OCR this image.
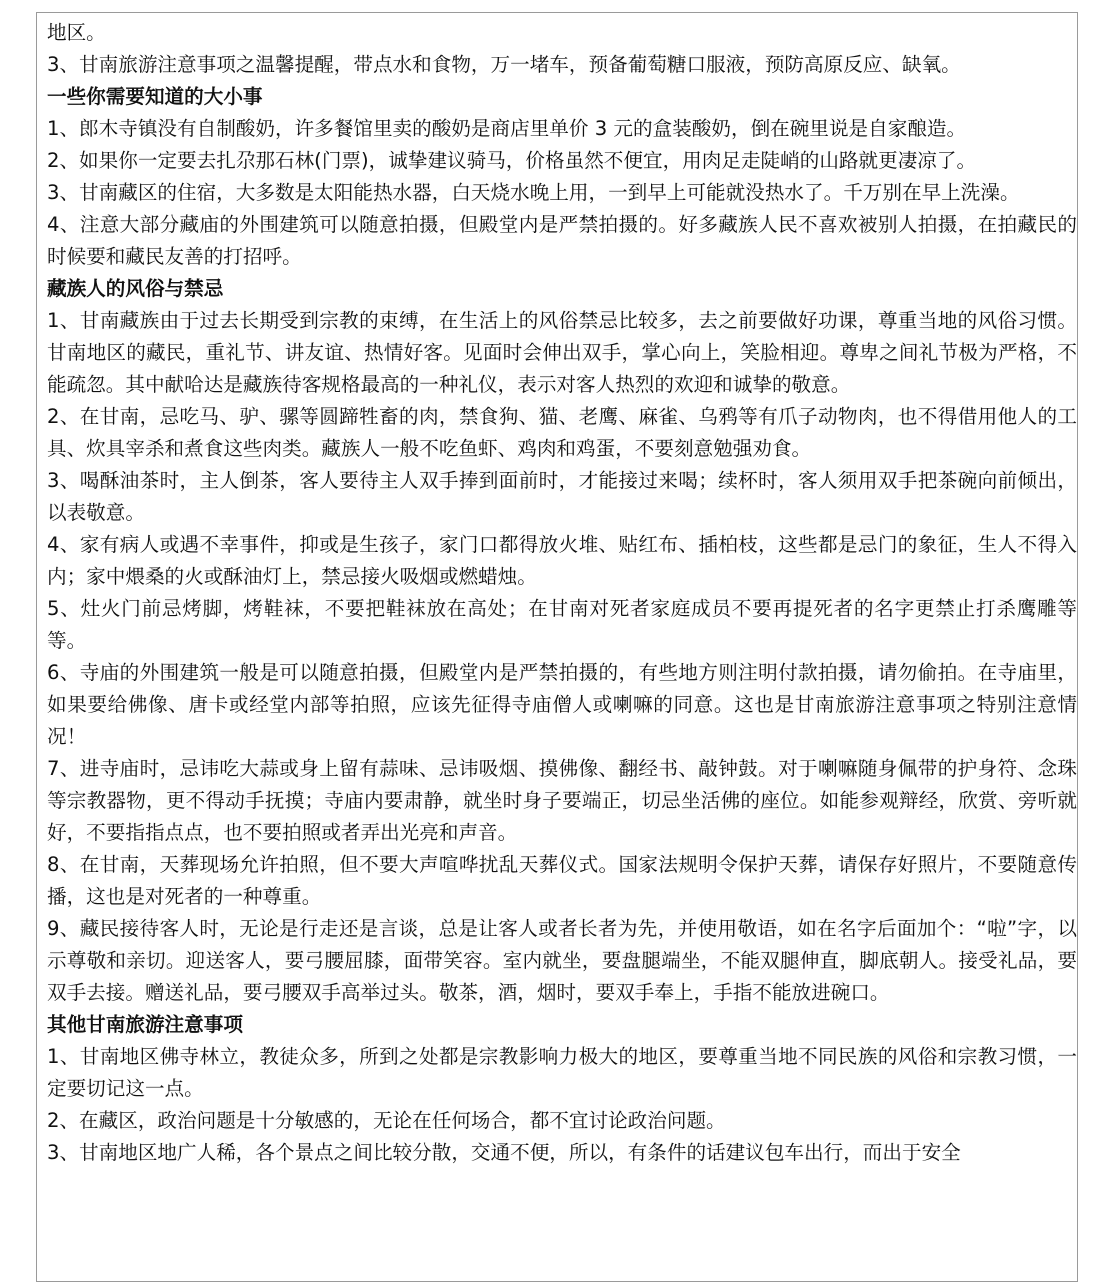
地区。

3、甘南旅游注意事项之温馨提醒，带点水和食物，万一堵车，预备葡萄糖口服液，预防高原反应、缺氧。

一些你需要知道的大小事

1、郎木寺镇没有自制酸奶，许多餐馆里卖的酸奶是商店里单价 3 元的盒装酸奶，倒在碗里说是自家酿造。

2、如果你一定要去扎尕那石林(门票)，诚挚建议骑马，价格虽然不便宜，用肉足走陡峭的山路就更凄凉了。

3、甘南藏区的住宿，大多数是太阳能热水器，白天烧水晚上用，一到早上可能就没热水了。千万别在早上洗澡。

4、注意大部分藏庙的外围建筑可以随意拍摄，但殿堂内是严禁拍摄的。好多藏族人民不喜欢被别人拍摄，在拍藏民的时候要和藏民友善的打招呼。

藏族人的风俗与禁忌

1、甘南藏族由于过去长期受到宗教的束缚，在生活上的风俗禁忌比较多，去之前要做好功课，尊重当地的风俗习惯。甘南地区的藏民，重礼节、讲友谊、热情好客。见面时会伸出双手，掌心向上，笑脸相迎。尊卑之间礼节极为严格，不能疏忽。其中献哈达是藏族待客规格最高的一种礼仪，表示对客人热烈的欢迎和诚挚的敬意。

2、在甘南，忌吃马、驴、骡等圆蹄牲畜的肉，禁食狗、猫、老鹰、麻雀、乌鸦等有爪子动物肉，也不得借用他人的工具、炊具宰杀和煮食这些肉类。藏族人一般不吃鱼虾、鸡肉和鸡蛋，不要刻意勉强劝食。

3、喝酥油茶时，主人倒茶，客人要待主人双手捧到面前时，才能接过来喝；续杯时，客人须用双手把茶碗向前倾出，以表敬意。

4、家有病人或遇不幸事件，抑或是生孩子，家门口都得放火堆、贴红布、插柏枝，这些都是忌门的象征，生人不得入内；家中煨桑的火或酥油灯上，禁忌接火吸烟或燃蜡烛。

5、灶火门前忌烤脚，烤鞋袜，不要把鞋袜放在高处；在甘南对死者家庭成员不要再提死者的名字更禁止打杀鹰雕等等。

6、寺庙的外围建筑一般是可以随意拍摄，但殿堂内是严禁拍摄的，有些地方则注明付款拍摄，请勿偷拍。在寺庙里，如果要给佛像、唐卡或经堂内部等拍照，应该先征得寺庙僧人或喇嘛的同意。这也是甘南旅游注意事项之特别注意情况！

7、进寺庙时，忌讳吃大蒜或身上留有蒜味、忌讳吸烟、摸佛像、翻经书、敲钟鼓。对于喇嘛随身佩带的护身符、念珠等宗教器物，更不得动手抚摸；寺庙内要肃静，就坐时身子要端正，切忌坐活佛的座位。如能参观辩经，欣赏、旁听就好，不要指指点点，也不要拍照或者弄出光亮和声音。

8、在甘南，天葬现场允许拍照，但不要大声喧哗扰乱天葬仪式。国家法规明令保护天葬，请保存好照片，不要随意传播，这也是对死者的一种尊重。

9、藏民接待客人时，无论是行走还是言谈，总是让客人或者长者为先，并使用敬语，如在名字后面加个：“啦”字，以示尊敬和亲切。迎送客人，要弓腰屈膝，面带笑容。室内就坐，要盘腿端坐，不能双腿伸直，脚底朝人。接受礼品，要双手去接。赠送礼品，要弓腰双手高举过头。敬茶，酒，烟时，要双手奉上，手指不能放进碗口。

其他甘南旅游注意事项

1、甘南地区佛寺林立，教徒众多，所到之处都是宗教影响力极大的地区，要尊重当地不同民族的风俗和宗教习惯，一定要切记这一点。

2、在藏区，政治问题是十分敏感的，无论在任何场合，都不宜讨论政治问题。

3、甘南地区地广人稀，各个景点之间比较分散，交通不便，所以，有条件的话建议包车出行，而出于安全
